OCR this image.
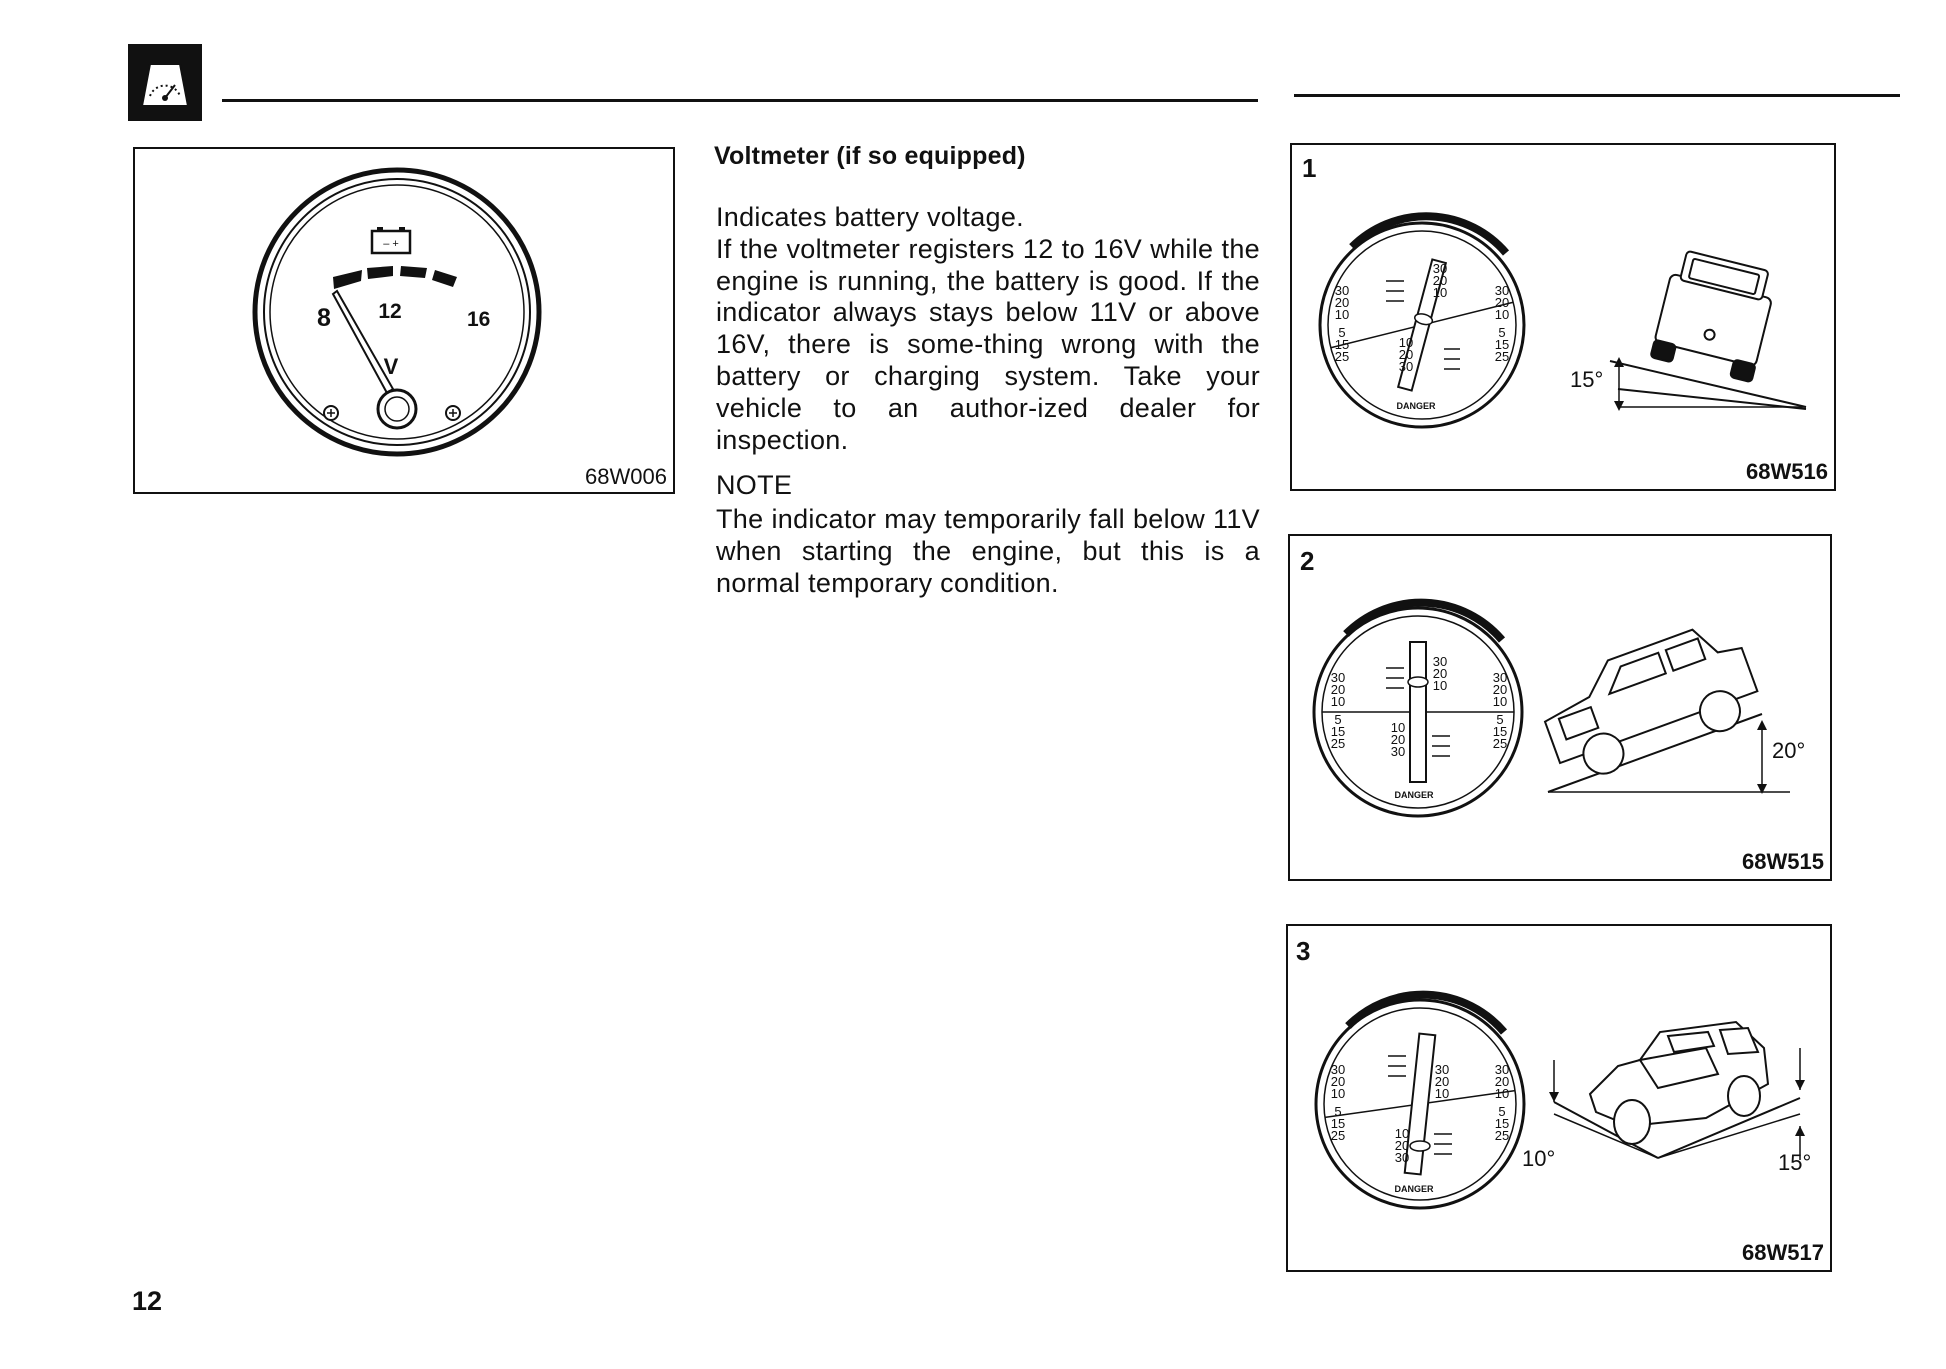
– +
8 12	16
V
68W006
Voltmeter (if so equipped)

Indicates battery voltage.

If the voltmeter registers 12 to 16V while the engine is running, the battery is good. If the indicator always stays below 11V or above 16V, there is some-thing wrong with the battery or charging system. Take your vehicle to an author-ized dealer for inspection.

NOTE
The indicator may temporarily fall below 11V when starting the engine, but this is a normal temporary condition.
1
30
20
10
10
20
30
30
20
10
5
15
25
30
20
10
5
15
25
DANGER
15°
68W516
2
30
20
10
10
20
30
30
20
10
5
15
25
30
20
10
5
15
25
DANGER
20°
68W515
3
30
20
10
10
20
30
30
20
10
5
15
25
30
20
10
5
15
25
DANGER
10°	15°
68W517
12
